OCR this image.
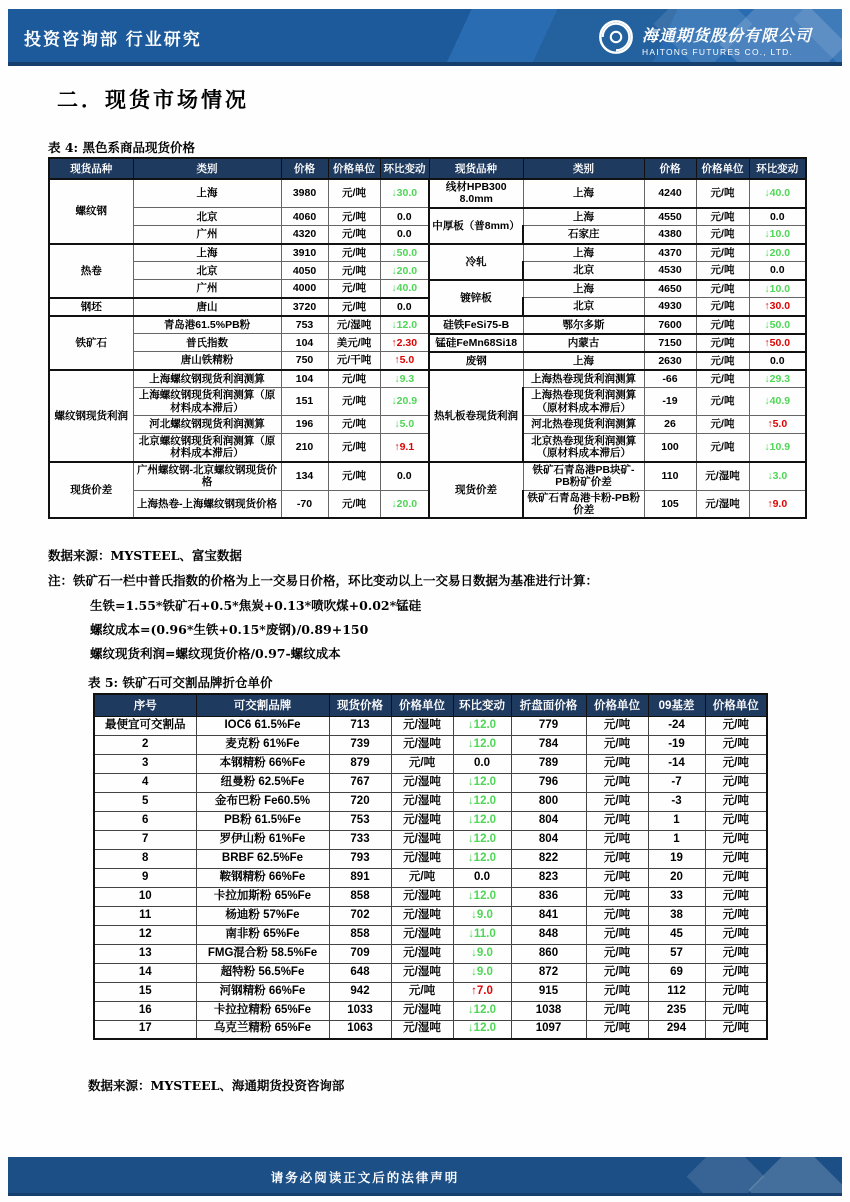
投资咨询部 行业研究	海通期货股份有限公司
HAITONG FUTURES CO., LTD.
二．现货市场情况
表 4: 黑色系商品现货价格
现货品种	类别	价格	价格单位	环比变动	现货品种	类别	价格	价格单位	环比变动
螺纹钢	上海	3980	元/吨	↓30.0	线材HPB300 8.0mm	上海	4240	元/吨	↓40.0
	北京	4060	元/吨	0.0	中厚板（普8mm）	上海	4550	元/吨	0.0
	广州	4320	元/吨	0.0		石家庄	4380	元/吨	↓10.0
热卷	上海	3910	元/吨	↓50.0	冷轧	上海	4370	元/吨	↓20.0
	北京	4050	元/吨	↓20.0		北京	4530	元/吨	0.0
	广州	4000	元/吨	↓40.0	镀锌板	上海	4650	元/吨	↓10.0
钢坯	唐山	3720	元/吨	0.0		北京	4930	元/吨	↑30.0
铁矿石	青岛港61.5%PB粉	753	元/湿吨	↓12.0	硅铁FeSi75-B	鄂尔多斯	7600	元/吨	↓50.0
	普氏指数	104	美元/吨	↑2.30	锰硅FeMn68Si18	内蒙古	7150	元/吨	↑50.0
	唐山铁精粉	750	元/干吨	↑5.0	废钢	上海	2630	元/吨	0.0
螺纹钢现货利润	上海螺纹钢现货利润测算	104	元/吨	↓9.3	热轧板卷现货利润	上海热卷现货利润测算	-66	元/吨	↓29.3
	上海螺纹钢现货利润测算（原材料成本滞后）	151	元/吨	↓20.9		上海热卷现货利润测算（原材料成本滞后）	-19	元/吨	↓40.9
	河北螺纹钢现货利润测算	196	元/吨	↓5.0		河北热卷现货利润测算	26	元/吨	↑5.0
	北京螺纹钢现货利润测算（原材料成本滞后）	210	元/吨	↑9.1		北京热卷现货利润测算（原材料成本滞后）	100	元/吨	↓10.9
现货价差	广州螺纹钢-北京螺纹钢现货价格	134	元/吨	0.0	现货价差	铁矿石青岛港PB块矿-PB粉矿价差	110	元/湿吨	↓3.0
	上海热卷-上海螺纹钢现货价格	-70	元/吨	↓20.0		铁矿石青岛港卡粉-PB粉价差	105	元/湿吨	↑9.0
数据来源：MYSTEEL、富宝数据
注：铁矿石一栏中普氏指数的价格为上一交易日价格，环比变动以上一交易日数据为基准进行计算：
生铁=1.55*铁矿石+0.5*焦炭+0.13*喷吹煤+0.02*锰硅
螺纹成本=(0.96*生铁+0.15*废钢)/0.89+150
螺纹现货利润=螺纹现货价格/0.97-螺纹成本
表 5: 铁矿石可交割品牌折仓单价
序号	可交割品牌	现货价格	价格单位	环比变动	折盘面价格	价格单位	09基差	价格单位
最便宜可交割品	IOC6 61.5%Fe	713	元/湿吨	↓12.0	779	元/吨	-24	元/吨
2	麦克粉 61%Fe	739	元/湿吨	↓12.0	784	元/吨	-19	元/吨
3	本钢精粉 66%Fe	879	元/吨	0.0	789	元/吨	-14	元/吨
4	纽曼粉 62.5%Fe	767	元/湿吨	↓12.0	796	元/吨	-7	元/吨
5	金布巴粉 Fe60.5%	720	元/湿吨	↓12.0	800	元/吨	-3	元/吨
6	PB粉 61.5%Fe	753	元/湿吨	↓12.0	804	元/吨	1	元/吨
7	罗伊山粉 61%Fe	733	元/湿吨	↓12.0	804	元/吨	1	元/吨
8	BRBF 62.5%Fe	793	元/湿吨	↓12.0	822	元/吨	19	元/吨
9	鞍钢精粉 66%Fe	891	元/吨	0.0	823	元/吨	20	元/吨
10	卡拉加斯粉 65%Fe	858	元/湿吨	↓12.0	836	元/吨	33	元/吨
11	杨迪粉 57%Fe	702	元/湿吨	↓9.0	841	元/吨	38	元/吨
12	南非粉 65%Fe	858	元/湿吨	↓11.0	848	元/吨	45	元/吨
13	FMG混合粉 58.5%Fe	709	元/湿吨	↓9.0	860	元/吨	57	元/吨
14	超特粉 56.5%Fe	648	元/湿吨	↓9.0	872	元/吨	69	元/吨
15	河钢精粉 66%Fe	942	元/吨	↑7.0	915	元/吨	112	元/吨
16	卡拉拉精粉 65%Fe	1033	元/湿吨	↓12.0	1038	元/吨	235	元/吨
17	乌克兰精粉 65%Fe	1063	元/湿吨	↓12.0	1097	元/吨	294	元/吨
数据来源：MYSTEEL、海通期货投资咨询部
请务必阅读正文后的法律声明
